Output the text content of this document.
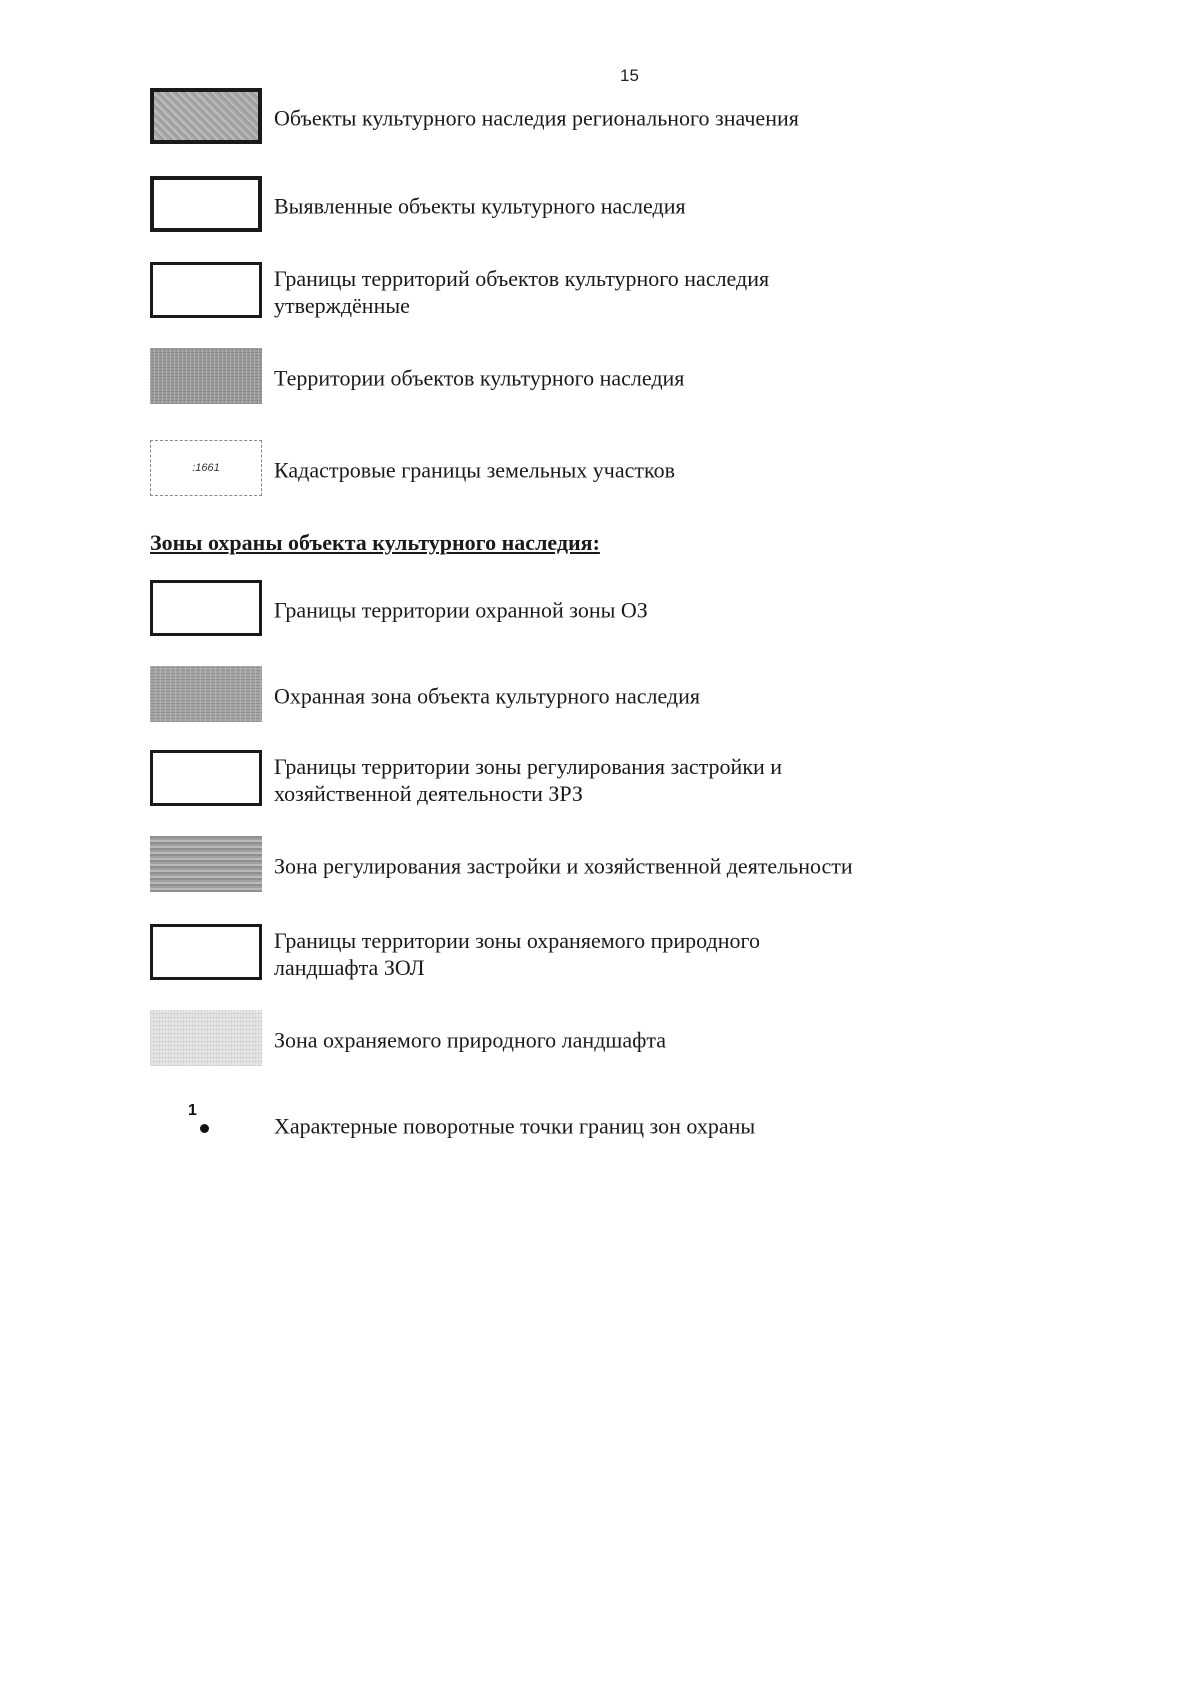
15
Объекты культурного наследия регионального значения
Выявленные объекты культурного наследия
Границы территорий объектов культурного наследия утверждённые
Территории объектов культурного наследия
:1661	Кадастровые границы земельных участков
Зоны охраны объекта культурного наследия:
Границы территории охранной зоны ОЗ
Охранная зона объекта культурного наследия
Границы территории зоны регулирования застройки и хозяйственной деятельности ЗРЗ
Зона регулирования застройки и хозяйственной деятельности
Границы территории зоны охраняемого природного ландшафта ЗОЛ
Зона охраняемого природного ландшафта
1
Характерные поворотные точки границ зон охраны
